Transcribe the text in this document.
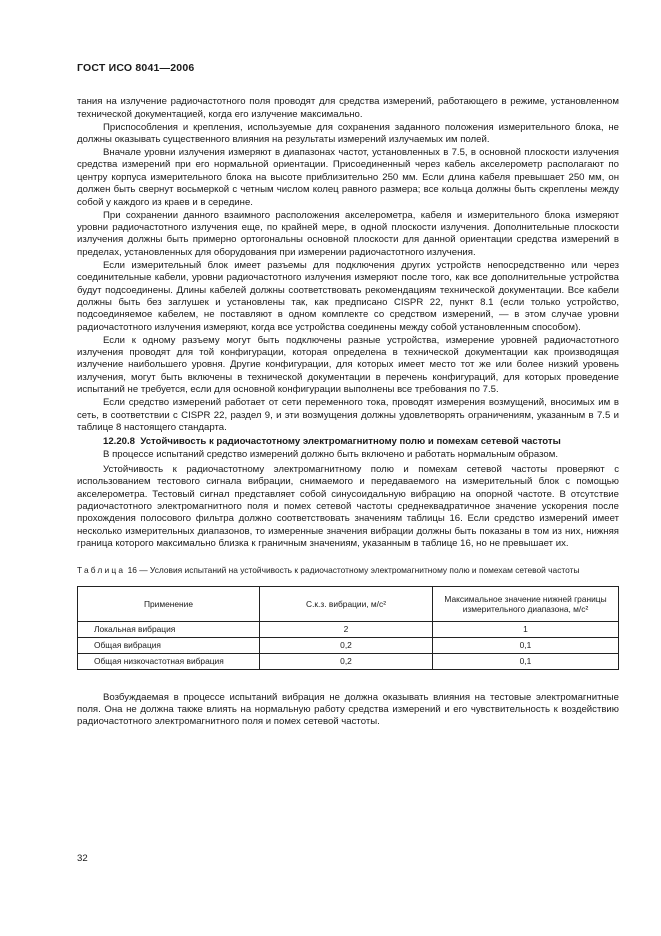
ГОСТ ИСО 8041—2006

тания на излучение радиочастотного поля проводят для средства измерений, работающего в режиме, установленном технической документацией, когда его излучение максимально.

Приспособления и крепления, используемые для сохранения заданного положения измерительного блока, не должны оказывать существенного влияния на результаты измерений излучаемых им полей.

Вначале уровни излучения измеряют в диапазонах частот, установленных в 7.5, в основной плоскости излучения средства измерений при его нормальной ориентации. Присоединенный через кабель акселерометр располагают по центру корпуса измерительного блока на высоте приблизительно 250 мм. Если длина кабеля превышает 250 мм, он должен быть свернут восьмеркой с четным числом колец равного размера; все кольца должны быть скреплены между собой у каждого из краев и в середине.

При сохранении данного взаимного расположения акселерометра, кабеля и измерительного блока измеряют уровни радиочастотного излучения еще, по крайней мере, в одной плоскости излучения. Дополнительные плоскости излучения должны быть примерно ортогональны основной плоскости для данной ориентации средства измерений в пределах, установленных для оборудования при измерении радиочастотного излучения.

Если измерительный блок имеет разъемы для подключения других устройств непосредственно или через соединительные кабели, уровни радиочастотного излучения измеряют после того, как все дополнительные устройства будут подсоединены. Длины кабелей должны соответствовать рекомендациям технической документации. Все кабели должны быть без заглушек и установлены так, как предписано CISPR 22, пункт 8.1 (если только устройство, подсоединяемое кабелем, не поставляют в одном комплекте со средством измерений, — в этом случае уровни радиочастотного излучения измеряют, когда все устройства соединены между собой установленным способом).

Если к одному разъему могут быть подключены разные устройства, измерение уровней радиочастотного излучения проводят для той конфигурации, которая определена в технической документации как производящая излучение наибольшего уровня. Другие конфигурации, для которых имеет место тот же или более низкий уровень излучения, могут быть включены в технической документации в перечень конфигураций, для которых проведение испытаний не требуется, если для основной конфигурации выполнены все требования по 7.5.

Если средство измерений работает от сети переменного тока, проводят измерения возмущений, вносимых им в сеть, в соответствии с CISPR 22, раздел 9, и эти возмущения должны удовлетворять ограничениям, указанным в 7.5 и таблице 8 настоящего стандарта.

12.20.8 Устойчивость к радиочастотному электромагнитному полю и помехам сетевой частоты

В процессе испытаний средство измерений должно быть включено и работать нормальным образом.

Устойчивость к радиочастотному электромагнитному полю и помехам сетевой частоты проверяют с использованием тестового сигнала вибрации, снимаемого и передаваемого на измерительный блок с помощью акселерометра. Тестовый сигнал представляет собой синусоидальную вибрацию на опорной частоте. В отсутствие радиочастотного электромагнитного поля и помех сетевой частоты среднеквадратичное значение ускорения после прохождения полосового фильтра должно соответствовать значениям таблицы 16. Если средство измерений имеет несколько измерительных диапазонов, то измеренные значения вибрации должны быть показаны в том из них, нижняя граница которого максимально близка к граничным значениям, указанным в таблице 16, но не превышает их.

Таблица 16 — Условия испытаний на устойчивость к радиочастотному электромагнитному полю и помехам сетевой частоты
Применение	С.к.з. вибрации, м/с²	Максимальное значение нижней границы измерительного диапазона, м/с²
Локальная вибрация	2	1
Общая вибрация	0,2	0,1
Общая низкочастотная вибрация	0,2	0,1

Возбуждаемая в процессе испытаний вибрация не должна оказывать влияния на тестовые электромагнитные поля. Она не должна также влиять на нормальную работу средства измерений и его чувствительность к воздействию радиочастотного электромагнитного поля и помех сетевой частоты.

32
